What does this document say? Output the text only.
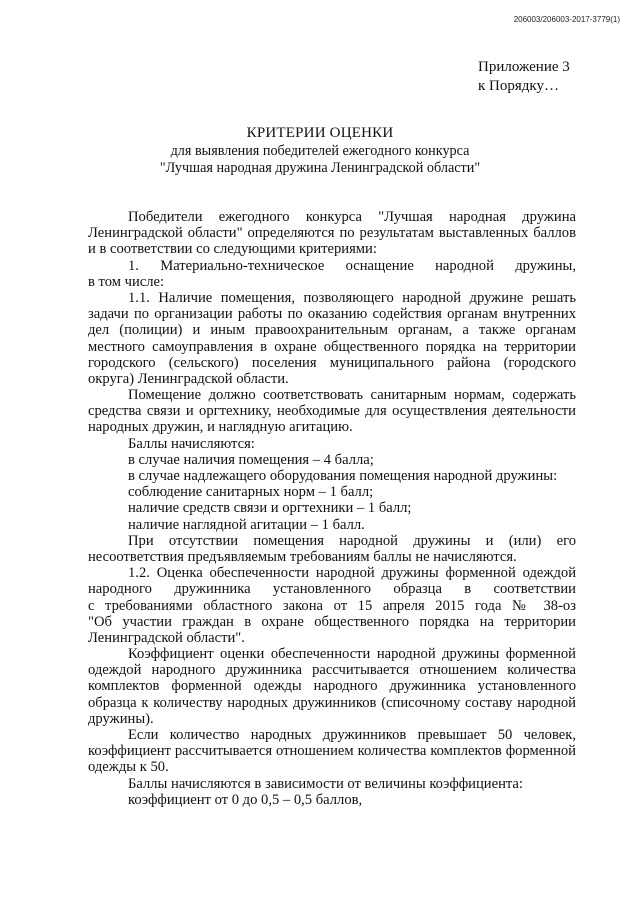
206003/206003-2017-3779(1)
Приложение 3
к Порядку…
КРИТЕРИИ ОЦЕНКИ
для выявления победителей ежегодного конкурса
"Лучшая народная дружина Ленинградской области"
Победители ежегодного конкурса "Лучшая народная дружина
Ленинградской области" определяются по результатам выставленных баллов
и в соответствии со следующими критериями:
1. Материально-техническое оснащение народной дружины,
в том числе:
1.1. Наличие помещения, позволяющего народной дружине решать
задачи по организации работы по оказанию содействия органам внутренних
дел (полиции) и иным правоохранительным органам, а также органам
местного самоуправления в охране общественного порядка на территории
городского (сельского) поселения муниципального района (городского
округа) Ленинградской области.
Помещение должно соответствовать санитарным нормам, содержать
средства связи и оргтехнику, необходимые для осуществления деятельности
народных дружин, и наглядную агитацию.
Баллы начисляются:
в случае наличия помещения – 4 балла;
в случае надлежащего оборудования помещения народной дружины:
соблюдение санитарных норм – 1 балл;
наличие средств связи и оргтехники – 1 балл;
наличие наглядной агитации – 1 балл.
При отсутствии помещения народной дружины и (или) его
несоответствия предъявляемым требованиям баллы не начисляются.
1.2. Оценка обеспеченности народной дружины форменной одеждой
народного дружинника установленного образца в соответствии
с требованиями областного закона от 15 апреля 2015 года № 38-оз
"Об участии граждан в охране общественного порядка на территории
Ленинградской области".
Коэффициент оценки обеспеченности народной дружины форменной
одеждой народного дружинника рассчитывается отношением количества
комплектов форменной одежды народного дружинника установленного
образца к количеству народных дружинников (списочному составу народной
дружины).
Если количество народных дружинников превышает 50 человек,
коэффициент рассчитывается отношением количества комплектов форменной
одежды к 50.
Баллы начисляются в зависимости от величины коэффициента:
коэффициент от 0 до 0,5 – 0,5 баллов,
